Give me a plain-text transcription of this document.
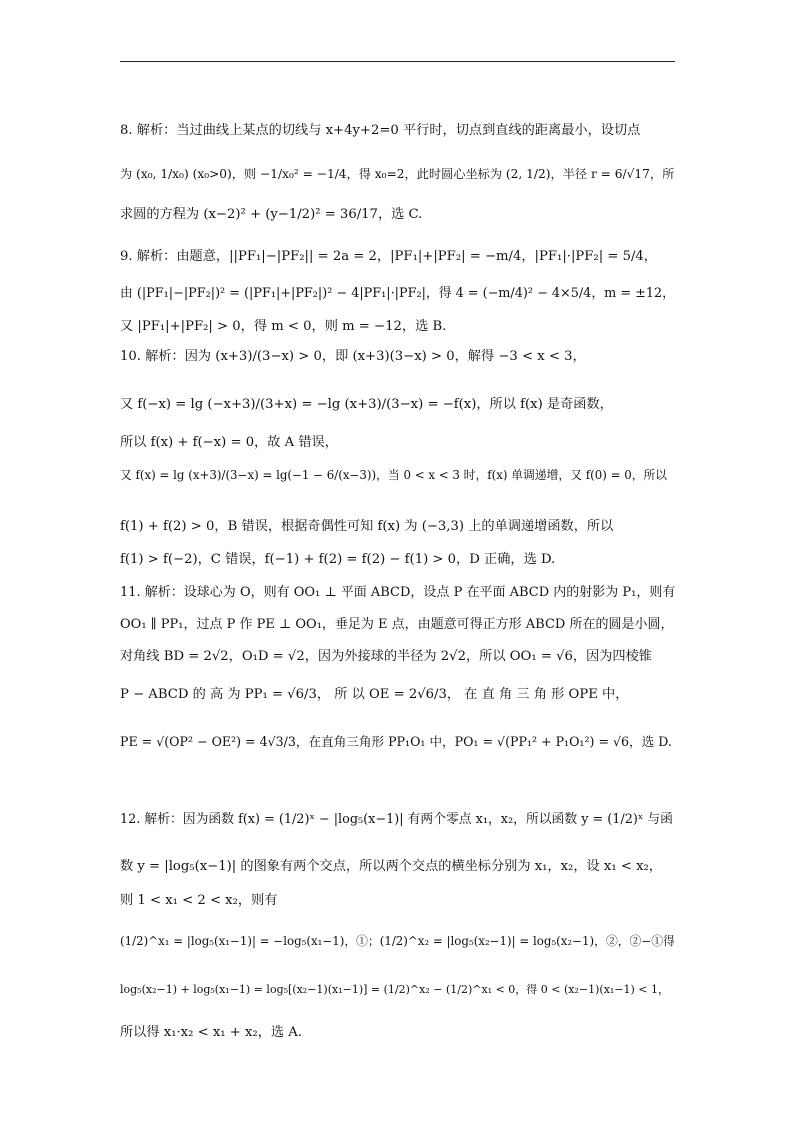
8. 解析：当过曲线上某点的切线与 x+4y+2=0 平行时，切点到直线的距离最小，设切点
为 (x₀, 1/x₀) (x₀>0)，则 −1/x₀² = −1/4，得 x₀=2，此时圆心坐标为 (2, 1/2)，半径 r = 6/√17，所
求圆的方程为 (x−2)² + (y−1/2)² = 36/17，选 C.
9. 解析：由题意，||PF₁|−|PF₂|| = 2a = 2，|PF₁|+|PF₂| = −m/4，|PF₁|·|PF₂| = 5/4，
由 (|PF₁|−|PF₂|)² = (|PF₁|+|PF₂|)² − 4|PF₁|·|PF₂|，得 4 = (−m/4)² − 4×5/4，m = ±12，
又 |PF₁|+|PF₂| > 0，得 m < 0，则 m = −12，选 B.
10. 解析：因为 (x+3)/(3−x) > 0，即 (x+3)(3−x) > 0，解得 −3 < x < 3，
又 f(−x) = lg (−x+3)/(3+x) = −lg (x+3)/(3−x) = −f(x)，所以 f(x) 是奇函数，
所以 f(x) + f(−x) = 0，故 A 错误，
又 f(x) = lg (x+3)/(3−x) = lg(−1 − 6/(x−3))，当 0 < x < 3 时，f(x) 单调递增，又 f(0) = 0，所以
f(1) + f(2) > 0，B 错误，根据奇偶性可知 f(x) 为 (−3,3) 上的单调递增函数，所以
f(1) > f(−2)，C 错误，f(−1) + f(2) = f(2) − f(1) > 0，D 正确，选 D.
11. 解析：设球心为 O，则有 OO₁ ⊥ 平面 ABCD，设点 P 在平面 ABCD 内的射影为 P₁，则有
OO₁ ∥ PP₁，过点 P 作 PE ⊥ OO₁，垂足为 E 点，由题意可得正方形 ABCD 所在的圆是小圆，
对角线 BD = 2√2，O₁D = √2，因为外接球的半径为 2√2，所以 OO₁ = √6，因为四棱锥
P − ABCD 的 高 为 PP₁ = √6/3， 所 以 OE = 2√6/3， 在 直 角 三 角 形 OPE 中，
PE = √(OP² − OE²) = 4√3/3，在直角三角形 PP₁O₁ 中，PO₁ = √(PP₁² + P₁O₁²) = √6，选 D.
12. 解析：因为函数 f(x) = (1/2)ˣ − |log₅(x−1)| 有两个零点 x₁，x₂，所以函数 y = (1/2)ˣ 与函
数 y = |log₅(x−1)| 的图象有两个交点，所以两个交点的横坐标分别为 x₁，x₂，设 x₁ < x₂，
则 1 < x₁ < 2 < x₂，则有
(1/2)^x₁ = |log₅(x₁−1)| = −log₅(x₁−1)，①；(1/2)^x₂ = |log₅(x₂−1)| = log₅(x₂−1)，②，②−①得
log₅(x₂−1) + log₅(x₁−1) = log₅[(x₂−1)(x₁−1)] = (1/2)^x₂ − (1/2)^x₁ < 0，得 0 < (x₂−1)(x₁−1) < 1，
所以得 x₁·x₂ < x₁ + x₂，选 A.
